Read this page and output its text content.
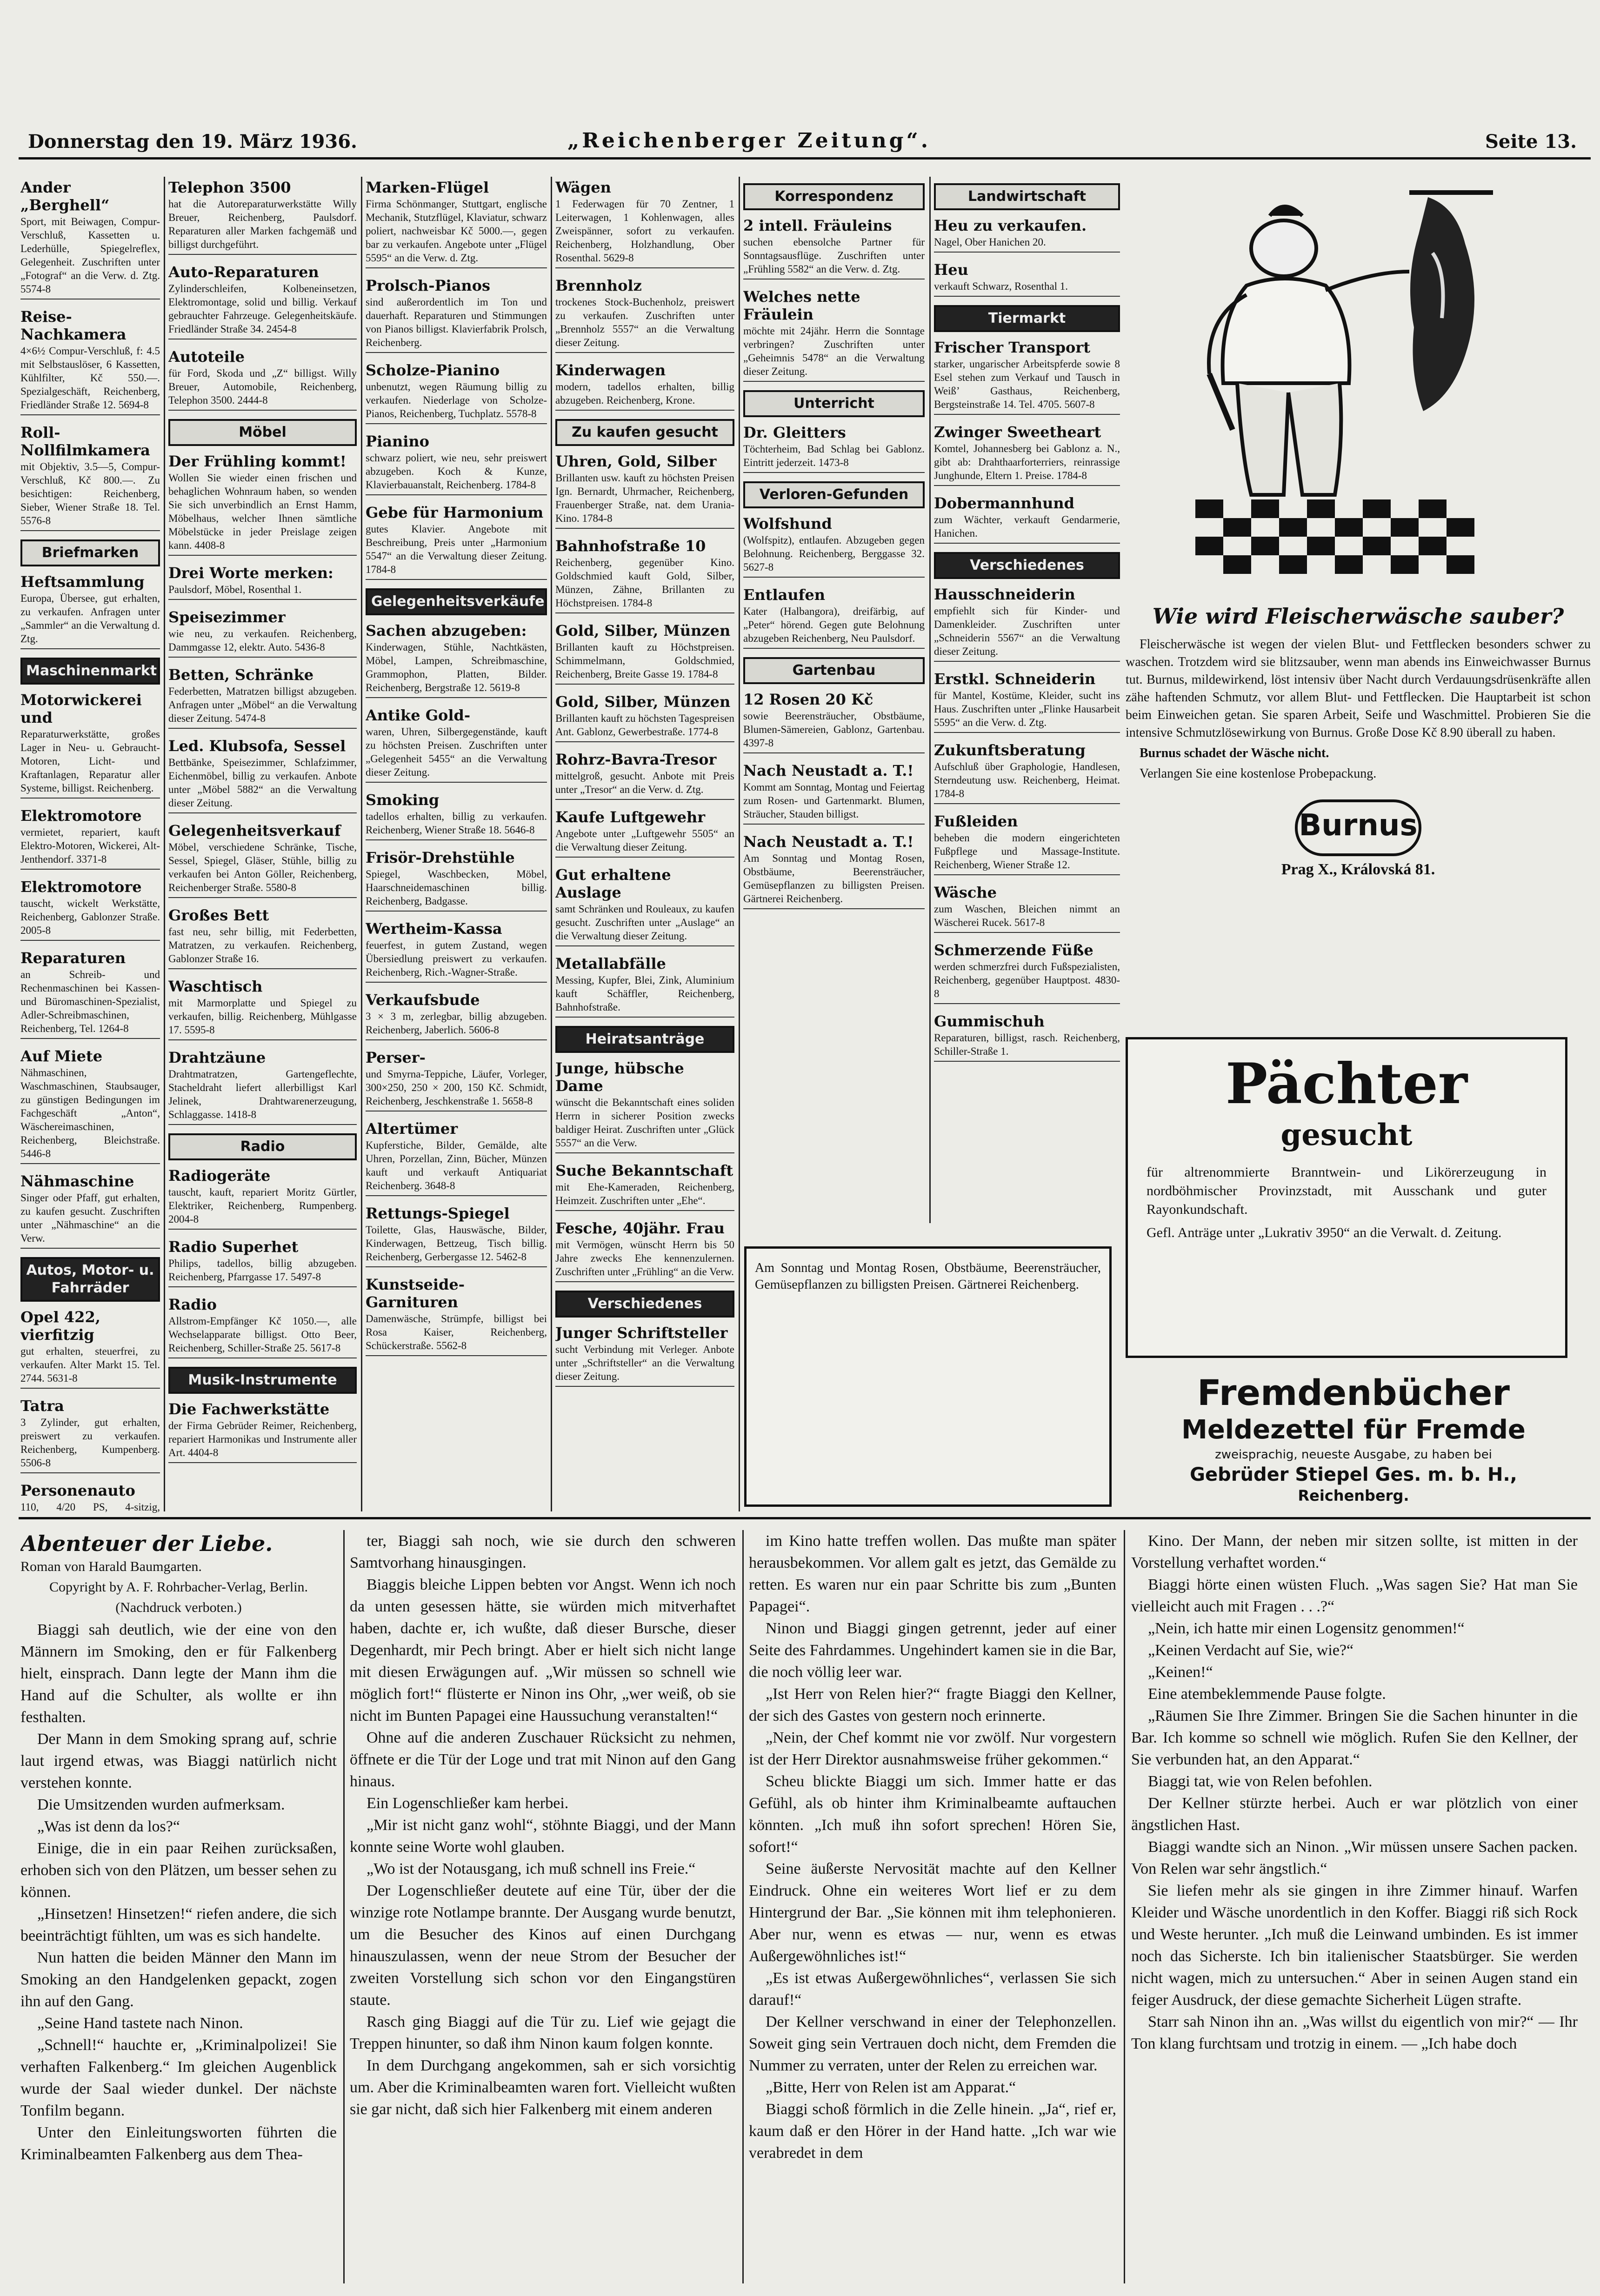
Donnerstag den 19. März 1936.	„Reichenberger Zeitung“.	Seite 13.
Ander „Berghell“

Sport, mit Beiwagen, Compur-Verschluß, Kassetten u. Lederhülle, Spiegelreflex, Gelegenheit. Zuschriften unter „Fotograf“ an die Verw. d. Ztg. 5574-8

Reise-Nachkamera

4×6½ Compur-Verschluß, f: 4.5 mit Selbstauslöser, 6 Kassetten, Kühlfilter, Kč 550.—. Spezialgeschäft, Reichenberg, Friedländer Straße 12. 5694-8

Roll-Nollfilmkamera

mit Objektiv, 3.5—5, Compur-Verschluß, Kč 800.—. Zu besichtigen: Reichenberg, Sieber, Wiener Straße 18. Tel. 5576-8

Briefmarken
Heftsammlung

Europa, Übersee, gut erhalten, zu verkaufen. Anfragen unter „Sammler“ an die Verwaltung d. Ztg.

Maschinenmarkt
Motorwickerei und

Reparaturwerkstätte, großes Lager in Neu- u. Gebraucht-Motoren, Licht- und Kraftanlagen, Reparatur aller Systeme, billigst. Reichenberg.

Elektromotore

vermietet, repariert, kauft Elektro-Motoren, Wickerei, Alt-Jenthendorf. 3371-8

Elektromotore

tauscht, wickelt Werkstätte, Reichenberg, Gablonzer Straße. 2005-8

Reparaturen

an Schreib- und Rechenmaschinen bei Kassen- und Büromaschinen-Spezialist, Adler-Schreibmaschinen, Reichenberg, Tel. 1264-8

Auf Miete

Nähmaschinen, Waschmaschinen, Staubsauger, zu günstigen Bedingungen im Fachgeschäft „Anton“, Wäschereimaschinen, Reichenberg, Bleichstraße. 5446-8

Nähmaschine

Singer oder Pfaff, gut erhalten, zu kaufen gesucht. Zuschriften unter „Nähmaschine“ an die Verw.

Autos, Motor- u. Fahrräder
Opel 422, vierfitzig

gut erhalten, steuerfrei, zu verkaufen. Alter Markt 15. Tel. 2744. 5631-8

Tatra

3 Zylinder, gut erhalten, preiswert zu verkaufen. Reichenberg, Kumpenberg. 5506-8

Personenauto

110, 4/20 PS, 4-sitzig,

Telephon 3500

hat die Autoreparaturwerkstätte Willy Breuer, Reichenberg, Paulsdorf. Reparaturen aller Marken fachgemäß und billigst durchgeführt.

Auto-Reparaturen

Zylinderschleifen, Kolbeneinsetzen, Elektromontage, solid und billig. Verkauf gebrauchter Fahrzeuge. Gelegenheitskäufe. Friedländer Straße 34. 2454-8

Autoteile

für Ford, Skoda und „Z“ billigst. Willy Breuer, Automobile, Reichenberg, Telephon 3500. 2444-8

Möbel
Der Frühling kommt!

Wollen Sie wieder einen frischen und behaglichen Wohnraum haben, so wenden Sie sich unverbindlich an Ernst Hamm, Möbelhaus, welcher Ihnen sämtliche Möbelstücke in jeder Preislage zeigen kann. 4408-8

Drei Worte merken:

Paulsdorf, Möbel, Rosenthal 1.

Speisezimmer

wie neu, zu verkaufen. Reichenberg, Dammgasse 12, elektr. Auto. 5436-8

Betten, Schränke

Federbetten, Matratzen billigst abzugeben. Anfragen unter „Möbel“ an die Verwaltung dieser Zeitung. 5474-8

Led. Klubsofa, Sessel

Bettbänke, Speisezimmer, Schlafzimmer, Eichenmöbel, billig zu verkaufen. Anbote unter „Möbel 5882“ an die Verwaltung dieser Zeitung.

Gelegenheitsverkauf

Möbel, verschiedene Schränke, Tische, Sessel, Spiegel, Gläser, Stühle, billig zu verkaufen bei Anton Göller, Reichenberg, Reichenberger Straße. 5580-8

Großes Bett

fast neu, sehr billig, mit Federbetten, Matratzen, zu verkaufen. Reichenberg, Gablonzer Straße 16.

Waschtisch

mit Marmorplatte und Spiegel zu verkaufen, billig. Reichenberg, Mühlgasse 17. 5595-8

Drahtzäune

Drahtmatratzen, Gartengeflechte, Stacheldraht liefert allerbilligst Karl Jelinek, Drahtwarenerzeugung, Schlaggasse. 1418-8

Radio
Radiogeräte

tauscht, kauft, repariert Moritz Gürtler, Elektriker, Reichenberg, Rumpenberg. 2004-8

Radio Superhet

Philips, tadellos, billig abzugeben. Reichenberg, Pfarrgasse 17. 5497-8

Radio

Allstrom-Empfänger Kč 1050.—, alle Wechselapparate billigst. Otto Beer, Reichenberg, Schiller-Straße 25. 5617-8

Musik-Instrumente
Die Fachwerkstätte

der Firma Gebrüder Reimer, Reichenberg, repariert Harmonikas und Instrumente aller Art. 4404-8

Marken-Flügel

Firma Schönmanger, Stuttgart, englische Mechanik, Stutzflügel, Klaviatur, schwarz poliert, nachweisbar Kč 5000.—, gegen bar zu verkaufen. Angebote unter „Flügel 5595“ an die Verw. d. Ztg.

Prolsch-Pianos

sind außerordentlich im Ton und dauerhaft. Reparaturen und Stimmungen von Pianos billigst. Klavierfabrik Prolsch, Reichenberg.

Scholze-Pianino

unbenutzt, wegen Räumung billig zu verkaufen. Niederlage von Scholze-Pianos, Reichenberg, Tuchplatz. 5578-8

Pianino

schwarz poliert, wie neu, sehr preiswert abzugeben. Koch & Kunze, Klavierbauanstalt, Reichenberg. 1784-8

Gebe für Harmonium

gutes Klavier. Angebote mit Beschreibung, Preis unter „Harmonium 5547“ an die Verwaltung dieser Zeitung. 1784-8

Gelegenheitsverkäufe
Sachen abzugeben:

Kinderwagen, Stühle, Nachtkästen, Möbel, Lampen, Schreibmaschine, Grammophon, Platten, Bilder. Reichenberg, Bergstraße 12. 5619-8

Antike Gold-

waren, Uhren, Silbergegenstände, kauft zu höchsten Preisen. Zuschriften unter „Gelegenheit 5455“ an die Verwaltung dieser Zeitung.

Smoking

tadellos erhalten, billig zu verkaufen. Reichenberg, Wiener Straße 18. 5646-8

Frisör-Drehstühle

Spiegel, Waschbecken, Möbel, Haarschneidemaschinen billig. Reichenberg, Badgasse.

Wertheim-Kassa

feuerfest, in gutem Zustand, wegen Übersiedlung preiswert zu verkaufen. Reichenberg, Rich.-Wagner-Straße.

Verkaufsbude

3 × 3 m, zerlegbar, billig abzugeben. Reichenberg, Jaberlich. 5606-8

Perser-

und Smyrna-Teppiche, Läufer, Vorleger, 300×250, 250 × 200, 150 Kč. Schmidt, Reichenberg, Jeschkenstraße 1. 5658-8

Altertümer

Kupferstiche, Bilder, Gemälde, alte Uhren, Porzellan, Zinn, Bücher, Münzen kauft und verkauft Antiquariat Reichenberg. 3648-8

Rettungs-Spiegel

Toilette, Glas, Hauswäsche, Bilder, Kinderwagen, Bettzeug, Tisch billig. Reichenberg, Gerbergasse 12. 5462-8

Kunstseide-Garnituren

Damenwäsche, Strümpfe, billigst bei Rosa Kaiser, Reichenberg, Schückerstraße. 5562-8

Wägen

1 Federwagen für 70 Zentner, 1 Leiterwagen, 1 Kohlenwagen, alles Zweispänner, sofort zu verkaufen. Reichenberg, Holzhandlung, Ober Rosenthal. 5629-8

Brennholz

trockenes Stock-Buchenholz, preiswert zu verkaufen. Zuschriften unter „Brennholz 5557“ an die Verwaltung dieser Zeitung.

Kinderwagen

modern, tadellos erhalten, billig abzugeben. Reichenberg, Krone.

Zu kaufen gesucht
Uhren, Gold, Silber

Brillanten usw. kauft zu höchsten Preisen Ign. Bernardt, Uhrmacher, Reichenberg, Frauenberger Straße, nat. dem Urania-Kino. 1784-8

Bahnhofstraße 10

Reichenberg, gegenüber Kino. Goldschmied kauft Gold, Silber, Münzen, Zähne, Brillanten zu Höchstpreisen. 1784-8

Gold, Silber, Münzen

Brillanten kauft zu Höchstpreisen. Schimmelmann, Goldschmied, Reichenberg, Breite Gasse 19. 1784-8

Gold, Silber, Münzen

Brillanten kauft zu höchsten Tagespreisen Ant. Gablonz, Gewerbestraße. 1774-8

Rohrz-Bavra-Tresor

mittelgroß, gesucht. Anbote mit Preis unter „Tresor“ an die Verw. d. Ztg.

Kaufe Luftgewehr

Angebote unter „Luftgewehr 5505“ an die Verwaltung dieser Zeitung.

Gut erhaltene Auslage

samt Schränken und Rouleaux, zu kaufen gesucht. Zuschriften unter „Auslage“ an die Verwaltung dieser Zeitung.

Metallabfälle

Messing, Kupfer, Blei, Zink, Aluminium kauft Schäffler, Reichenberg, Bahnhofstraße.

Heiratsanträge
Junge, hübsche Dame

wünscht die Bekanntschaft eines soliden Herrn in sicherer Position zwecks baldiger Heirat. Zuschriften unter „Glück 5557“ an die Verw.

Suche Bekanntschaft

mit Ehe-Kameraden, Reichenberg, Heimzeit. Zuschriften unter „Ehe“.

Fesche, 40jähr. Frau

mit Vermögen, wünscht Herrn bis 50 Jahre zwecks Ehe kennenzulernen. Zuschriften unter „Frühling“ an die Verw.

Verschiedenes
Junger Schriftsteller

sucht Verbindung mit Verleger. Anbote unter „Schriftsteller“ an die Verwaltung dieser Zeitung.

Korrespondenz
2 intell. Fräuleins

suchen ebensolche Partner für Sonntagsausflüge. Zuschriften unter „Frühling 5582“ an die Verw. d. Ztg.

Welches nette Fräulein

möchte mit 24jähr. Herrn die Sonntage verbringen? Zuschriften unter „Geheimnis 5478“ an die Verwaltung dieser Zeitung.

Unterricht
Dr. Gleitters

Töchterheim, Bad Schlag bei Gablonz. Eintritt jederzeit. 1473-8

Verloren-Gefunden
Wolfshund

(Wolfspitz), entlaufen. Abzugeben gegen Belohnung. Reichenberg, Berggasse 32. 5627-8

Entlaufen

Kater (Halbangora), dreifärbig, auf „Peter“ hörend. Gegen gute Belohnung abzugeben Reichenberg, Neu Paulsdorf.

Gartenbau
12 Rosen 20 Kč

sowie Beerensträucher, Obstbäume, Blumen-Sämereien, Gablonz, Gartenbau. 4397-8

Nach Neustadt a. T.!

Kommt am Sonntag, Montag und Feiertag zum Rosen- und Gartenmarkt. Blumen, Sträucher, Stauden billigst.

Nach Neustadt a. T.!

Am Sonntag und Montag Rosen, Obstbäume, Beerensträucher, Gemüsepflanzen zu billigsten Preisen. Gärtnerei Reichenberg.

Landwirtschaft
Heu zu verkaufen.

Nagel, Ober Hanichen 20.

Heu

verkauft Schwarz, Rosenthal 1.

Tiermarkt
Frischer Transport

starker, ungarischer Arbeitspferde sowie 8 Esel stehen zum Verkauf und Tausch in Weiß’ Gasthaus, Reichenberg, Bergsteinstraße 14. Tel. 4705. 5607-8

Zwinger Sweetheart

Komtel, Johannesberg bei Gablonz a. N., gibt ab: Drahthaarforterriers, reinrassige Junghunde, Eltern 1. Preise. 1784-8

Dobermannhund

zum Wächter, verkauft Gendarmerie, Hanichen.

Verschiedenes
Hausschneiderin

empfiehlt sich für Kinder- und Damenkleider. Zuschriften unter „Schneiderin 5567“ an die Verwaltung dieser Zeitung.

Erstkl. Schneiderin

für Mantel, Kostüme, Kleider, sucht ins Haus. Zuschriften unter „Flinke Hausarbeit 5595“ an die Verw. d. Ztg.

Zukunftsberatung

Aufschluß über Graphologie, Handlesen, Sterndeutung usw. Reichenberg, Heimat. 1784-8

Fußleiden

beheben die modern eingerichteten Fußpflege und Massage-Institute. Reichenberg, Wiener Straße 12.

Wäsche

zum Waschen, Bleichen nimmt an Wäscherei Rucek. 5617-8

Schmerzende Füße

werden schmerzfrei durch Fußspezialisten, Reichenberg, gegenüber Hauptpost. 4830-8

Gummischuh

Reparaturen, billigst, rasch. Reichenberg, Schiller-Straße 1.

Am Sonntag und Montag Rosen, Obstbäume, Beerensträucher, Gemüsepflanzen zu billigsten Preisen. Gärtnerei Reichenberg.
Wie wird Fleischerwäsche sauber?
Fleischerwäsche ist wegen der vielen Blut- und Fettflecken besonders schwer zu waschen. Trotzdem wird sie blitzsauber, wenn man abends ins Einweichwasser Burnus tut. Burnus, mildewirkend, löst intensiv über Nacht durch Verdauungsdrüsenkräfte allen zähe haftenden Schmutz, vor allem Blut- und Fettflecken. Die Hauptarbeit ist schon beim Einweichen getan. Sie sparen Arbeit, Seife und Waschmittel. Probieren Sie die intensive Schmutzlösewirkung von Burnus. Große Dose Kč 8.90 überall zu haben.
Burnus schadet der Wäsche nicht.
Verlangen Sie eine kostenlose Probepackung.
Burnus
Prag X., Královská 81.
Pächter
gesucht
für altrenommierte Branntwein- und Likörerzeugung in nordböhmischer Provinzstadt, mit Ausschank und guter Rayonkundschaft.
Gefl. Anträge unter „Lukrativ 3950“ an die Verwalt. d. Zeitung.
Fremdenbücher
Meldezettel für Fremde
zweisprachig, neueste Ausgabe, zu haben bei
Gebrüder Stiepel Ges. m. b. H.,
Reichenberg.
Abenteuer der Liebe.
Roman von Harald Baumgarten.
Copyright by A. F. Rohrbacher-Verlag, Berlin.
(Nachdruck verboten.)

Biaggi sah deutlich, wie der eine von den Männern im Smoking, den er für Falkenberg hielt, einsprach. Dann legte der Mann ihm die Hand auf die Schulter, als wollte er ihn festhalten.

Der Mann in dem Smoking sprang auf, schrie laut irgend etwas, was Biaggi natürlich nicht verstehen konnte.

Die Umsitzenden wurden aufmerksam.

„Was ist denn da los?“

Einige, die in ein paar Reihen zurücksaßen, erhoben sich von den Plätzen, um besser sehen zu können.

„Hinsetzen! Hinsetzen!“ riefen andere, die sich beeinträchtigt fühlten, um was es sich handelte.

Nun hatten die beiden Männer den Mann im Smoking an den Handgelenken gepackt, zogen ihn auf den Gang.

„Seine Hand tastete nach Ninon.

„Schnell!“ hauchte er, „Kriminalpolizei! Sie verhaften Falkenberg.“ Im gleichen Augenblick wurde der Saal wieder dunkel. Der nächste Tonfilm begann.

Unter den Einleitungsworten führten die Kriminalbeamten Falkenberg aus dem Thea-

ter, Biaggi sah noch, wie sie durch den schweren Samtvorhang hinausgingen.

Biaggis bleiche Lippen bebten vor Angst. Wenn ich noch da unten gesessen hätte, sie würden mich mitverhaftet haben, dachte er, ich wußte, daß dieser Bursche, dieser Degenhardt, mir Pech bringt. Aber er hielt sich nicht lange mit diesen Erwägungen auf. „Wir müssen so schnell wie möglich fort!“ flüsterte er Ninon ins Ohr, „wer weiß, ob sie nicht im Bunten Papagei eine Haussuchung veranstalten!“

Ohne auf die anderen Zuschauer Rücksicht zu nehmen, öffnete er die Tür der Loge und trat mit Ninon auf den Gang hinaus.

Ein Logenschließer kam herbei.

„Mir ist nicht ganz wohl“, stöhnte Biaggi, und der Mann konnte seine Worte wohl glauben.

„Wo ist der Notausgang, ich muß schnell ins Freie.“

Der Logenschließer deutete auf eine Tür, über der die winzige rote Notlampe brannte. Der Ausgang wurde benutzt, um die Besucher des Kinos auf einen Durchgang hinauszulassen, wenn der neue Strom der Besucher der zweiten Vorstellung sich schon vor den Eingangstüren staute.

Rasch ging Biaggi auf die Tür zu. Lief wie gejagt die Treppen hinunter, so daß ihm Ninon kaum folgen konnte.

In dem Durchgang angekommen, sah er sich vorsichtig um. Aber die Kriminalbeamten waren fort. Vielleicht wußten sie gar nicht, daß sich hier Falkenberg mit einem anderen

im Kino hatte treffen wollen. Das mußte man später herausbekommen. Vor allem galt es jetzt, das Gemälde zu retten. Es waren nur ein paar Schritte bis zum „Bunten Papagei“.

Ninon und Biaggi gingen getrennt, jeder auf einer Seite des Fahrdammes. Ungehindert kamen sie in die Bar, die noch völlig leer war.

„Ist Herr von Relen hier?“ fragte Biaggi den Kellner, der sich des Gastes von gestern noch erinnerte.

„Nein, der Chef kommt nie vor zwölf. Nur vorgestern ist der Herr Direktor ausnahmsweise früher gekommen.“

Scheu blickte Biaggi um sich. Immer hatte er das Gefühl, als ob hinter ihm Kriminalbeamte auftauchen könnten. „Ich muß ihn sofort sprechen! Hören Sie, sofort!“

Seine äußerste Nervosität machte auf den Kellner Eindruck. Ohne ein weiteres Wort lief er zu dem Hintergrund der Bar. „Sie können mit ihm telephonieren. Aber nur, wenn es etwas — nur, wenn es etwas Außergewöhnliches ist!“

„Es ist etwas Außergewöhnliches“, verlassen Sie sich darauf!“

Der Kellner verschwand in einer der Telephonzellen. Soweit ging sein Vertrauen doch nicht, dem Fremden die Nummer zu verraten, unter der Relen zu erreichen war.

„Bitte, Herr von Relen ist am Apparat.“

Biaggi schoß förmlich in die Zelle hinein. „Ja“, rief er, kaum daß er den Hörer in der Hand hatte. „Ich war wie verabredet in dem

Kino. Der Mann, der neben mir sitzen sollte, ist mitten in der Vorstellung verhaftet worden.“

Biaggi hörte einen wüsten Fluch. „Was sagen Sie? Hat man Sie vielleicht auch mit Fragen . . .?“

„Nein, ich hatte mir einen Logensitz genommen!“

„Keinen Verdacht auf Sie, wie?“

„Keinen!“

Eine atembeklemmende Pause folgte.

„Räumen Sie Ihre Zimmer. Bringen Sie die Sachen hinunter in die Bar. Ich komme so schnell wie möglich. Rufen Sie den Kellner, der Sie verbunden hat, an den Apparat.“

Biaggi tat, wie von Relen befohlen.

Der Kellner stürzte herbei. Auch er war plötzlich von einer ängstlichen Hast.

Biaggi wandte sich an Ninon. „Wir müssen unsere Sachen packen. Von Relen war sehr ängstlich.“

Sie liefen mehr als sie gingen in ihre Zimmer hinauf. Warfen Kleider und Wäsche unordentlich in den Koffer. Biaggi riß sich Rock und Weste herunter. „Ich muß die Leinwand umbinden. Es ist immer noch das Sicherste. Ich bin italienischer Staatsbürger. Sie werden nicht wagen, mich zu untersuchen.“ Aber in seinen Augen stand ein feiger Ausdruck, der diese gemachte Sicherheit Lügen strafte.

Starr sah Ninon ihn an. „Was willst du eigentlich von mir?“ — Ihr Ton klang furchtsam und trotzig in einem. — „Ich habe doch
